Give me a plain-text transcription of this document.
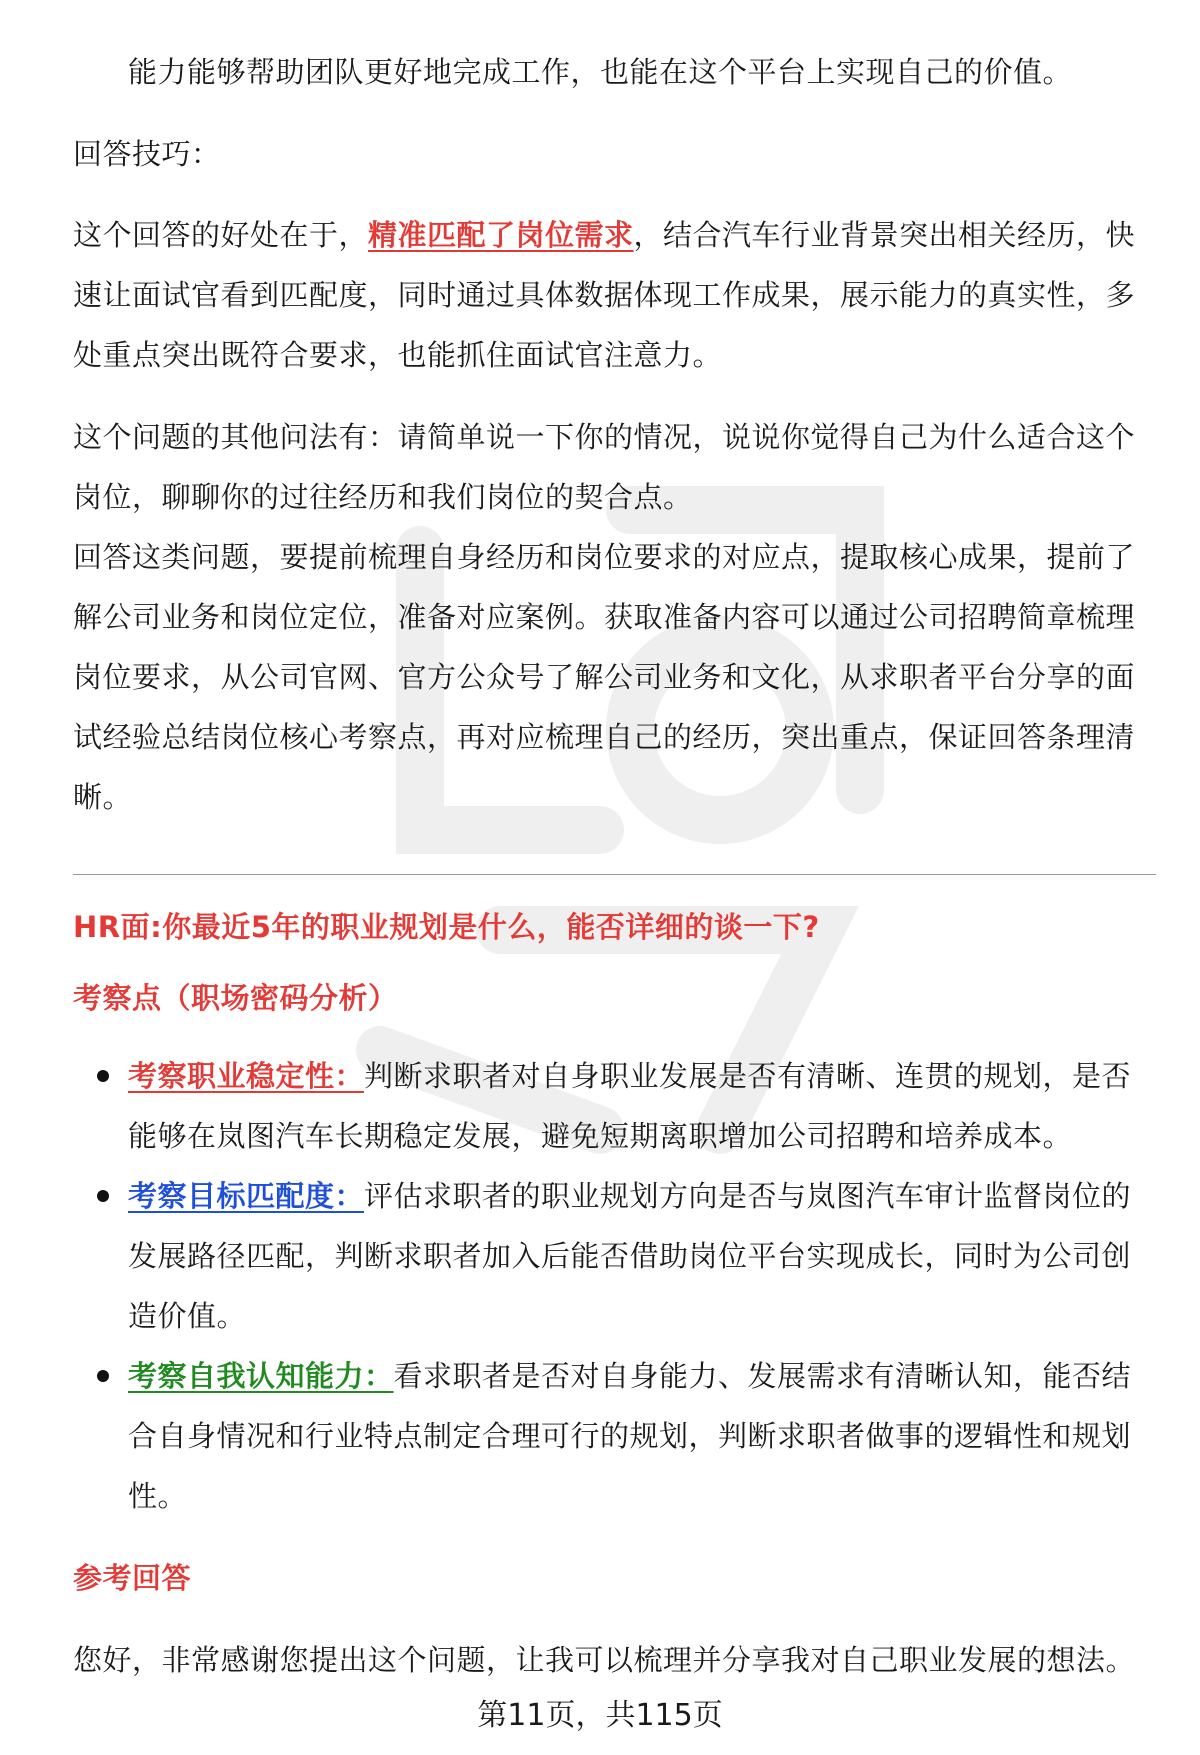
能力能够帮助团队更好地完成工作，也能在这个平台上实现自己的价值。

回答技巧：

这个回答的好处在于，精准匹配了岗位需求，结合汽车行业背景突出相关经历，快速让面试官看到匹配度，同时通过具体数据体现工作成果，展示能力的真实性，多处重点突出既符合要求，也能抓住面试官注意力。

这个问题的其他问法有：请简单说一下你的情况，说说你觉得自己为什么适合这个岗位，聊聊你的过往经历和我们岗位的契合点。

回答这类问题，要提前梳理自身经历和岗位要求的对应点，提取核心成果，提前了解公司业务和岗位定位，准备对应案例。获取准备内容可以通过公司招聘简章梳理岗位要求，从公司官网、官方公众号了解公司业务和文化，从求职者平台分享的面试经验总结岗位核心考察点，再对应梳理自己的经历，突出重点，保证回答条理清晰。

HR面:你最近5年的职业规划是什么，能否详细的谈一下?

考察点（职场密码分析）

考察职业稳定性：判断求职者对自身职业发展是否有清晰、连贯的规划，是否能够在岚图汽车长期稳定发展，避免短期离职增加公司招聘和培养成本。
考察目标匹配度：评估求职者的职业规划方向是否与岚图汽车审计监督岗位的发展路径匹配，判断求职者加入后能否借助岗位平台实现成长，同时为公司创造价值。
考察自我认知能力：看求职者是否对自身能力、发展需求有清晰认知，能否结合自身情况和行业特点制定合理可行的规划，判断求职者做事的逻辑性和规划性。

参考回答

您好，非常感谢您提出这个问题，让我可以梳理并分享我对自己职业发展的想法。

第11页，共115页
